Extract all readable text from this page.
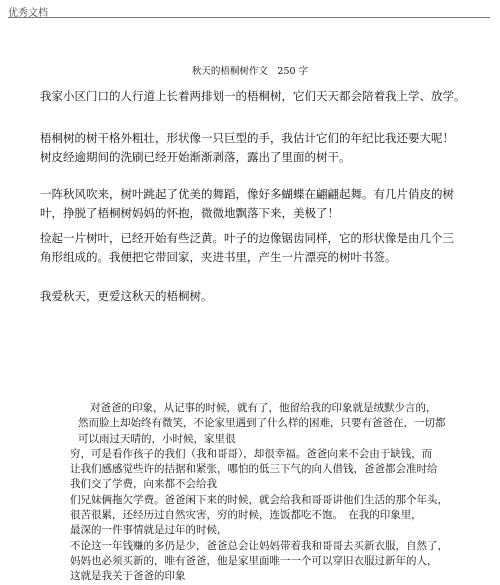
优秀文档
秋天的梧桐树作文　250 字

我家小区门口的人行道上长着两排划一的梧桐树，它们天天都会陪着我上学、放学。

梧桐树的树干格外粗壮，形状像一只巨型的手，我估计它们的年纪比我还要大呢！树皮经逾期间的洗刷已经开始渐渐剥落，露出了里面的树干。

一阵秋风吹来，树叶跳起了优美的舞蹈，像好多蝴蝶在翩翩起舞。有几片俏皮的树叶，挣脱了梧桐树妈妈的怀抱，微微地飘落下来，美极了！

捡起一片树叶，已经开始有些泛黄。叶子的边像锯齿同样，它的形状像是由几个三角形组成的。我便把它带回家，夹进书里，产生一片漂亮的树叶书签。

我爱秋天，更爱这秋天的梧桐树。

对爸爸的印象，从记事的时候，就有了，他留给我的印象就是绒默少言的，
然而脸上却始终有微笑，不论家里遇到了什么样的困难，只要有爸爸在，一切都
可以雨过天晴的，小时候，家里很
穷，可是看作孩子的我们（我和哥哥），却很幸福。爸爸向来不会由于缺钱，而
让我们感感觉些许的拮据和紧张，哪怕的低三下气的向人借钱，爸爸都会准时给
我们交了学费，向来都不会给我
们兄妹俩拖欠学费。爸爸闲下来的时候，就会给我和哥哥讲他们生活的那个年头，
很苦很累，还经历过自然灾害，穷的时候，连饭都吃不饱。　在我的印象里，
最深的一件事情就是过年的时候，
不论这一年钱赚的多仍是少，爸爸总会让妈妈带着我和哥哥去买新衣服，自然了，
妈妈也必须买新的，唯有爸爸，他是家里面唯一一个可以穿旧衣服过新年的人，
这就是我关于爸爸的印象
